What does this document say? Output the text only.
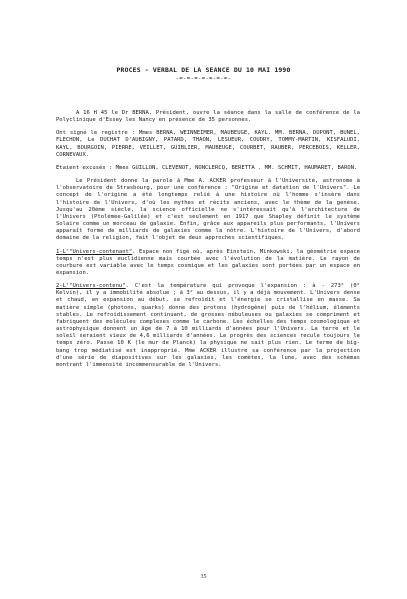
PROCES - VERBAL DE LA SEANCE DU 10 MAI 1990
-=-=-=-=-=-=-=-

A 16 H 45 le Dr BERNA, Président, ouvre la séance dans la salle de conférence de la Polyclinique d'Essey les Nancy en présence de 35 personnes.

Ont signé le registre : Mmes BERNA, WEINNEIMER, MAUBEUGE, KAYL. MM. BERNA, DUPONT, BUNEL, FLECHON, Le DUCHAT D'AUBIGNY, PATARD, THAON, LESUEUR, COUDRY, TOMMY-MARTIN, KISFALUDI, KAYL, BOURGOIN, PIERRE, VEILLET, GUIBLIER, MAUBEUGE, COURBET, RAUBER, PERCEBOIS, KELLER, CORNEVAUX.

Etaient excusés : Mmes GUILLON, CLEVENOT, NONCLERCQ, BERETTA . MM. SCHMIT, HAUMARET, BARON.

Le Président donne la parole à Mme A. ACKER professeur à l'Université, astronome à l'observatoire de Strasbourg, pour une conférence : "Origine et datation de l'Univers". Le concept de l'origine a été longtemps relié à une histoire où l'homme s'insère dans l'histoire de l'Univers, d'où les mythes et récits anciens, avec le thème de la genèse. Jusqu'au 20ème siècle, la science officielle ne s'intéressait qu'à l'architecture de l'Univers (Ptolémée-Galilée) et c'est seulement en 1917 que Shapley définit le système Solaire comme un morceau de galaxie. Enfin, grâce aux appareils plus performants, l'Univers apparaît formé de milliards de galaxies comme la nôtre. L'histoire de l'Univers, d'abord domaine de la religion, fait l'objet de deux approches scientifiques.

1-L'"Univers-contenant". Espace non figé où, après Einstein, Minkowski, la géométrie espace temps n'est plus euclidienne mais courbée avec l'évolution de la matière. Le rayon de courbure est variable avec le temps cosmique et les galaxies sont portées par un espace en expansion.

2-L'"Univers-contenu". C'est la température qui provoque l'expansion : à - 273° (0° Kelvin), il y a immobilité absolue ; à 3° au dessus, il y a déjà mouvement. L'Univers dense et chaud, en expansion au début, se refroidit et l'énergie se cristallise en masse. Sa matière simple (photons, quarks) donne des protons (hydrogène) puis de l'hélium, éléments stables. Le refroidissement continuant, de grosses nébuleuses ou galaxies se compriment et fabriquent des molécules complexes comme le carbone. Les échelles des temps cosmologique et astrophysique donnent un âge de 7 à 10 milliards d'années pour l'Univers. La terre et le soleil seraient vieux de 4,6 milliards d'années. Le progrès des sciences recule toujours le temps zéro. Passé 10 K (le mur de Planck) la physique ne sait plus rien. Le terme de big-bang trop médiatisé est inapproprié. Mme ACKER illustre sa conférence par la projection d'une série de diapositives sur les galaxies, les comètes, la lune, avec des schémas montrant l'immensité incommensurable de l'Univers.

35
